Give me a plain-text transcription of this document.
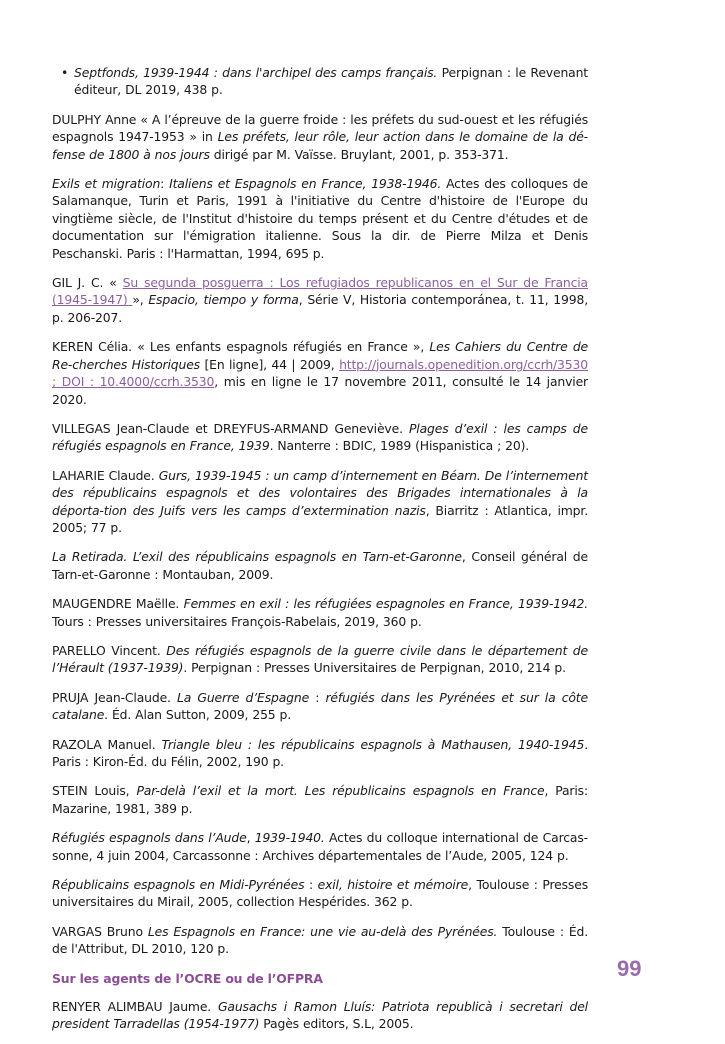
• Septfonds, 1939-1944 : dans l'archipel des camps français. Perpignan : le Revenant éditeur, DL 2019, 438 p.
DULPHY Anne « A l’épreuve de la guerre froide : les préfets du sud-ouest et les réfugiés espagnols 1947-1953 » in Les préfets, leur rôle, leur action dans le domaine de la dé-fense de 1800 à nos jours dirigé par M. Vaïsse. Bruylant, 2001, p. 353-371.
Exils et migration: Italiens et Espagnols en France, 1938-1946. Actes des colloques de Salamanque, Turin et Paris, 1991 à l'initiative du Centre d'histoire de l'Europe du vingtième siècle, de l'Institut d'histoire du temps présent et du Centre d'études et de documentation sur l'émigration italienne. Sous la dir. de Pierre Milza et Denis Peschanski. Paris : l'Harmattan, 1994, 695 p.
GIL J. C. « Su segunda posguerra : Los refugiados republicanos en el Sur de Francia (1945-1947) », Espacio, tiempo y forma, Série V, Historia contemporánea, t. 11, 1998, p. 206-207.
KEREN Célia. « Les enfants espagnols réfugiés en France », Les Cahiers du Centre de Re-cherches Historiques [En ligne], 44 | 2009, http://journals.openedition.org/ccrh/3530 ; DOI : 10.4000/ccrh.3530, mis en ligne le 17 novembre 2011, consulté le 14 janvier 2020.
VILLEGAS Jean-Claude et DREYFUS-ARMAND Geneviève. Plages d’exil : les camps de réfugiés espagnols en France, 1939. Nanterre : BDIC, 1989 (Hispanistica ; 20).
LAHARIE Claude. Gurs, 1939-1945 : un camp d’internement en Béarn. De l’internement des républicains espagnols et des volontaires des Brigades internationales à la déporta-tion des Juifs vers les camps d’extermination nazis, Biarritz : Atlantica, impr. 2005; 77 p.
La Retirada. L’exil des républicains espagnols en Tarn-et-Garonne, Conseil général de Tarn-et-Garonne : Montauban, 2009.
MAUGENDRE Maëlle. Femmes en exil : les réfugiées espagnoles en France, 1939-1942. Tours : Presses universitaires François-Rabelais, 2019, 360 p.
PARELLO Vincent. Des réfugiés espagnols de la guerre civile dans le département de l’Hérault (1937-1939). Perpignan : Presses Universitaires de Perpignan, 2010, 214 p.
PRUJA Jean-Claude. La Guerre d’Espagne : réfugiés dans les Pyrénées et sur la côte catalane. Éd. Alan Sutton, 2009, 255 p.
RAZOLA Manuel. Triangle bleu : les républicains espagnols à Mathausen, 1940-1945. Paris : Kiron-Éd. du Félin, 2002, 190 p.
STEIN Louis, Par-delà l’exil et la mort. Les républicains espagnols en France, Paris: Mazarine, 1981, 389 p.
Réfugiés espagnols dans l’Aude, 1939-1940. Actes du colloque international de Carcas-sonne, 4 juin 2004, Carcassonne : Archives départementales de l’Aude, 2005, 124 p.
Républicains espagnols en Midi-Pyrénées : exil, histoire et mémoire, Toulouse : Presses universitaires du Mirail, 2005, collection Hespérides. 362 p.
VARGAS Bruno Les Espagnols en France: une vie au-delà des Pyrénées. Toulouse : Éd. de l'Attribut, DL 2010, 120 p.
Sur les agents de l’OCRE ou de l’OFPRA
RENYER ALIMBAU Jaume. Gausachs i Ramon Lluís: Patriota republicà i secretari del president Tarradellas (1954-1977) Pagès editors, S.L, 2005.
99
